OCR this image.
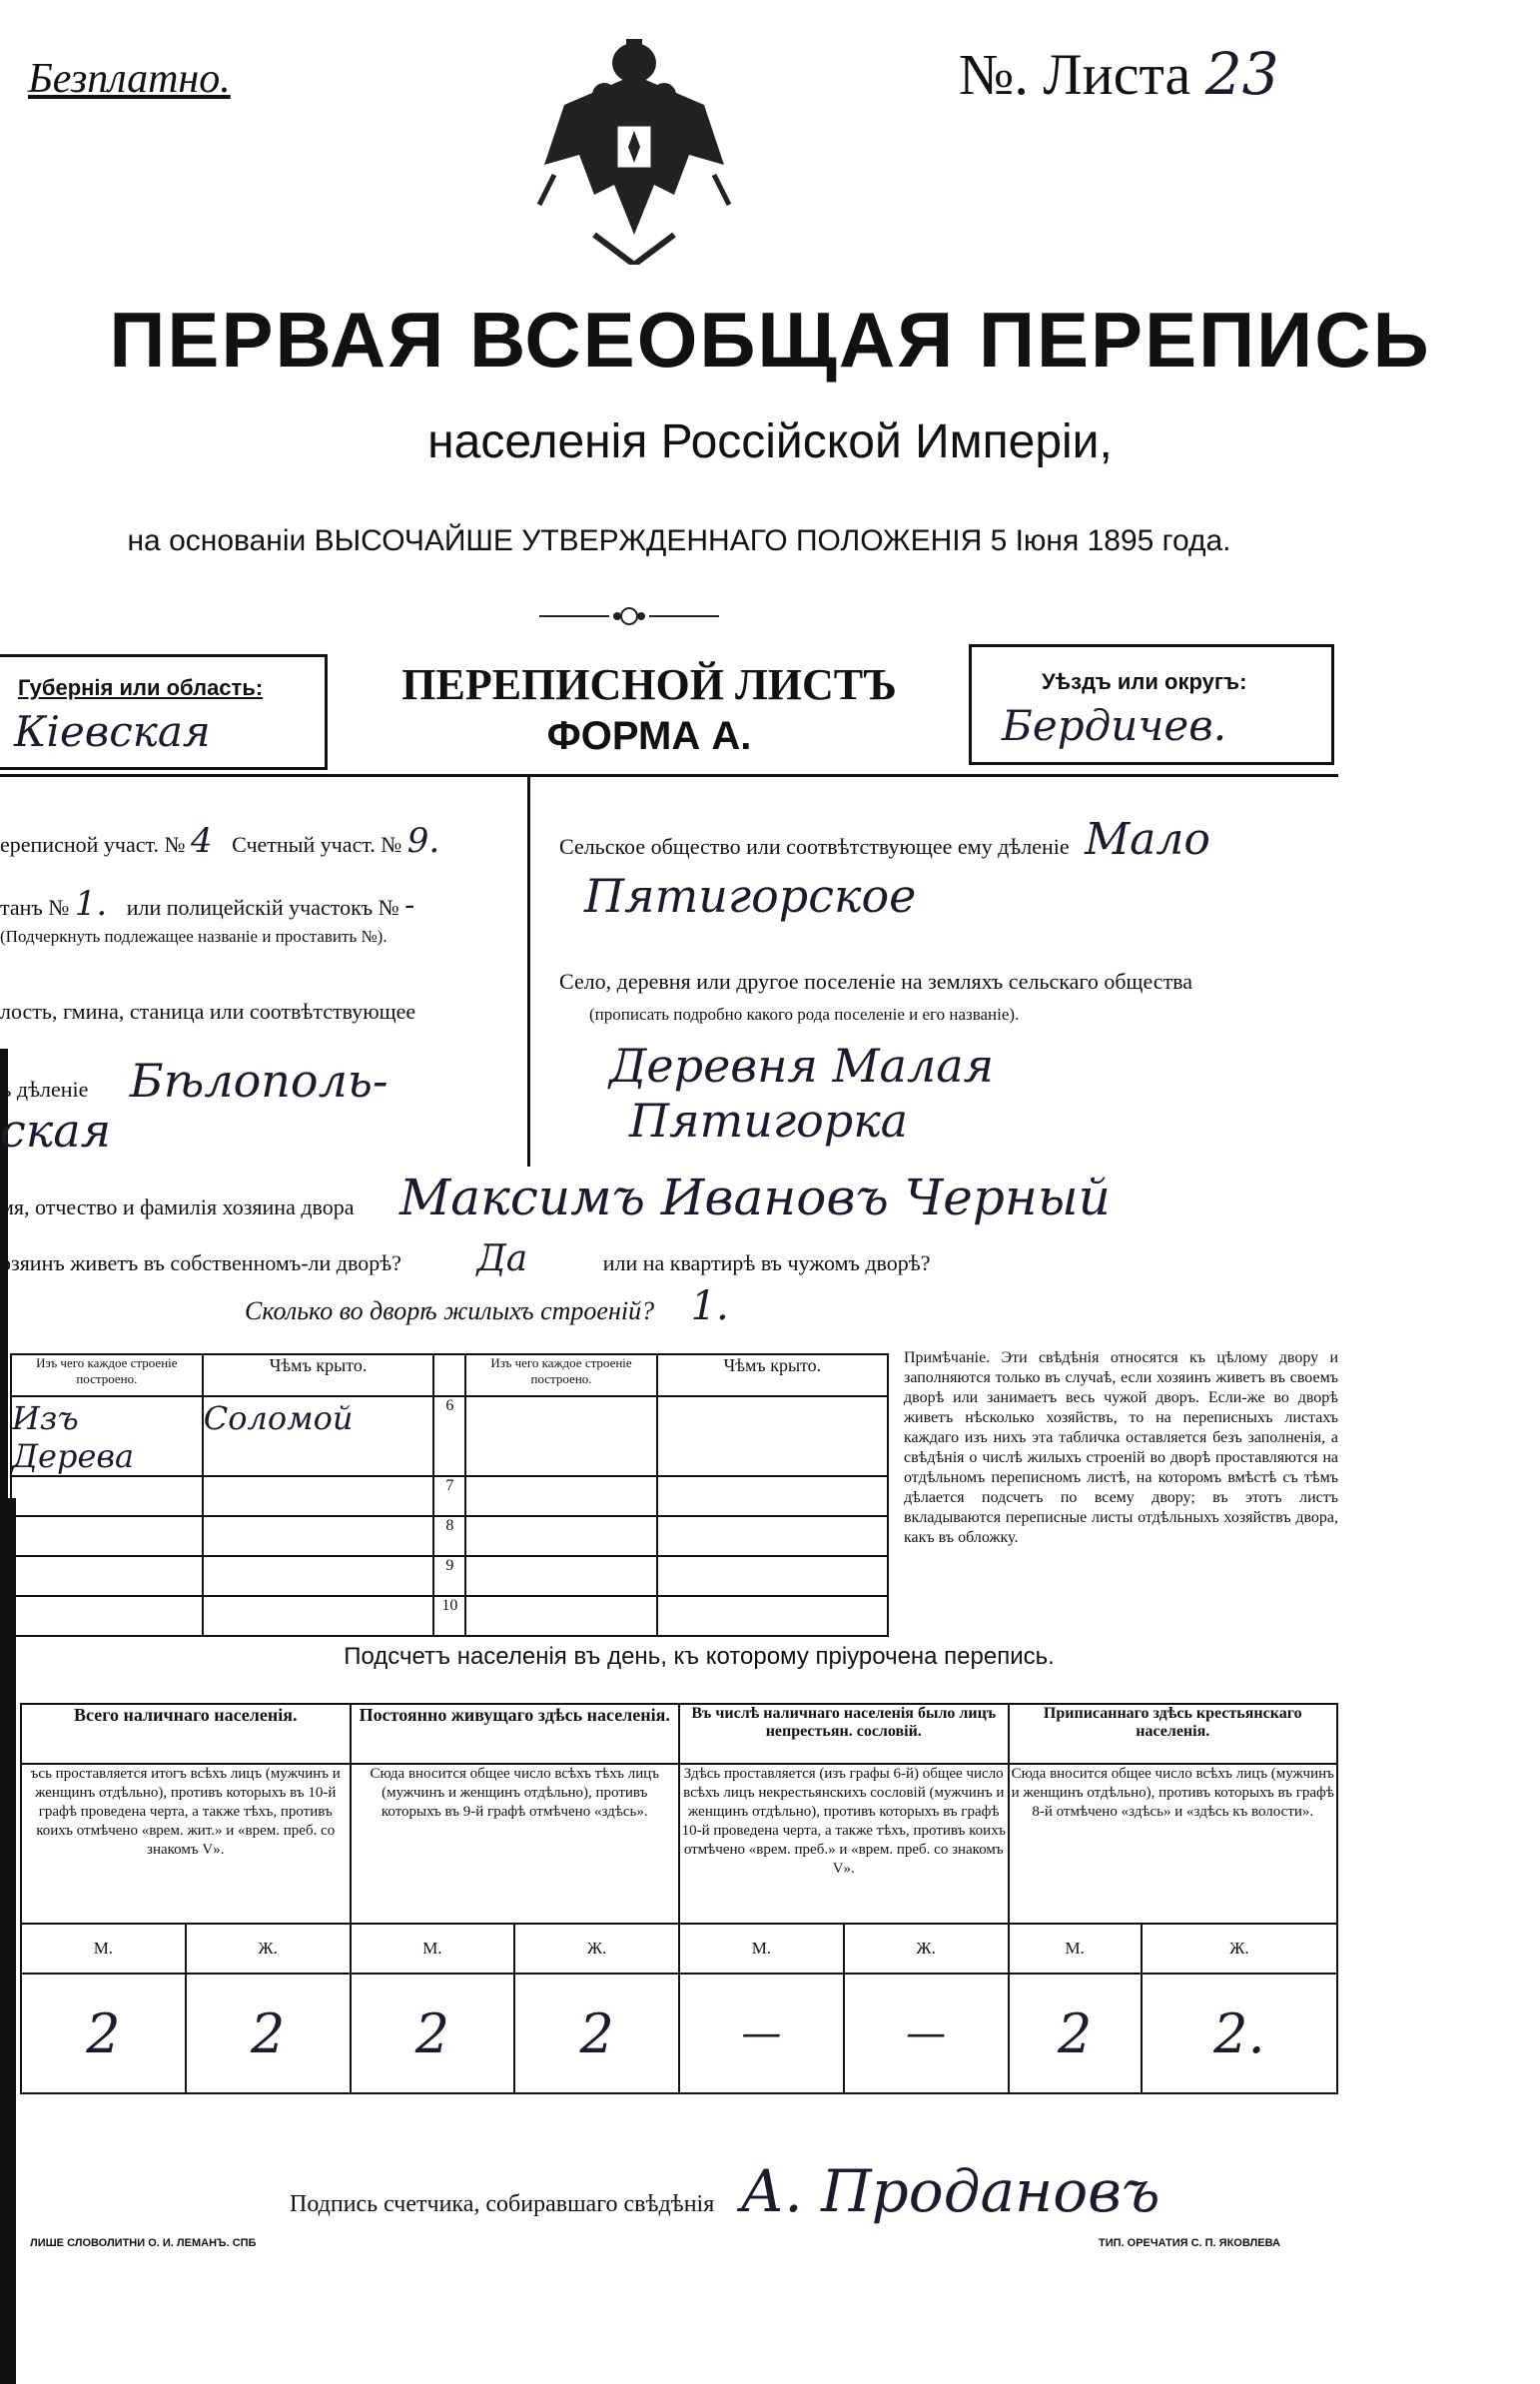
Безплатно.	№. Листа 23
ПЕРВАЯ ВСЕОБЩАЯ ПЕРЕПИСЬ
населенія Россійской Имперіи,
на основаніи ВЫСОЧАЙШЕ УТВЕРЖДЕННАГО ПОЛОЖЕНІЯ 5 Іюня 1895 года.
Губернія или область:
Кіевская
ПЕРЕПИСНОЙ ЛИСТЪ
ФОРМА А.
Уѣздъ или округъ:
Бердичев.
ереписной участ. № 4 Счетный участ. № 9.
танъ № 1. или полицейскій участокъ № -
(Подчеркнуть подлежащее названіе и проставить №).
лость, гмина, станица или соотвѣтствующее
ъ дѣленіе Бѣлополь-
ская
Сельское общество или соотвѣтствующее ему дѣленіе Мало
Пятигорское
Село, деревня или другое поселеніе на земляхъ сельскаго общества
(прописать подробно какого рода поселеніе и его названіе).
Деревня Малая
Пятигорка
мя, отчество и фамилія хозяина двора Максимъ Ивановъ Черный
озяинъ живетъ въ собственномъ-ли дворѣ? Да	или на квартирѣ въ чужомъ дворѣ?
Сколько во дворѣ жилыхъ строеній? 1.
Изъ чего каждое строеніе построено.	Чѣмъ крыто.		Изъ чего каждое строеніе построено.	Чѣмъ крыто.
Изъ Дерева	Соломой	6		
		7		
		8		
		9		
		10		
Примѣчаніе. Эти свѣдѣнія относятся къ цѣлому двору и заполняются только въ случаѣ, если хозяинъ живетъ въ своемъ дворѣ или занимаетъ весь чужой дворъ. Если-же во дворѣ живетъ нѣсколько хозяйствъ, то на переписныхъ листахъ каждаго изъ нихъ эта табличка оставляется безъ заполненія, а свѣдѣнія о числѣ жилыхъ строеній во дворѣ проставляются на отдѣльномъ переписномъ листѣ, на которомъ вмѣстѣ съ тѣмъ дѣлается подсчетъ по всему двору; въ этотъ листъ вкладываются переписные листы отдѣльныхъ хозяйствъ двора, какъ въ обложку.
Подсчетъ населенія въ день, къ которому пріурочена перепись.
Всего наличнаго населенія.		Постоянно живущаго здѣсь населенія.		Въ числѣ наличнаго населенія было лицъ непрестьян. сословій.		Приписаннаго здѣсь крестьянскаго населенія.	
ъсь проставляется итогъ всѣхъ лицъ (мужчинъ и женщинъ отдѣльно), противъ которыхъ въ 10-й графѣ проведена черта, а также тѣхъ, противъ коихъ отмѣчено «врем. жит.» и «врем. преб. со знакомъ V».		Сюда вносится общее число всѣхъ тѣхъ лицъ (мужчинъ и женщинъ отдѣльно), противъ которыхъ въ 9-й графѣ отмѣчено «здѣсь».		Здѣсь проставляется (изъ графы 6-й) общее число всѣхъ лицъ некрестьянскихъ сословій (мужчинъ и женщинъ отдѣльно), противъ которыхъ въ графѣ 10-й проведена черта, а также тѣхъ, противъ коихъ отмѣчено «врем. преб.» и «врем. преб. со знакомъ V».		Сюда вносится общее число всѣхъ лицъ (мужчинъ и женщинъ отдѣльно), противъ которыхъ въ графѣ 8-й отмѣчено «здѣсь» и «здѣсь къ волости».	
М.	Ж.	М.	Ж.	М.	Ж.	М.	Ж.
2	2	2	2	—	—	2	2.
Подпись счетчика, собиравшаго свѣдѣнія А. Продановъ
ЛИШЕ СЛОВОЛИТНИ О. И. ЛЕМАНЪ. СПБ	ТИП. ОРЕЧАТИЯ С. П. ЯКОВЛЕВА
